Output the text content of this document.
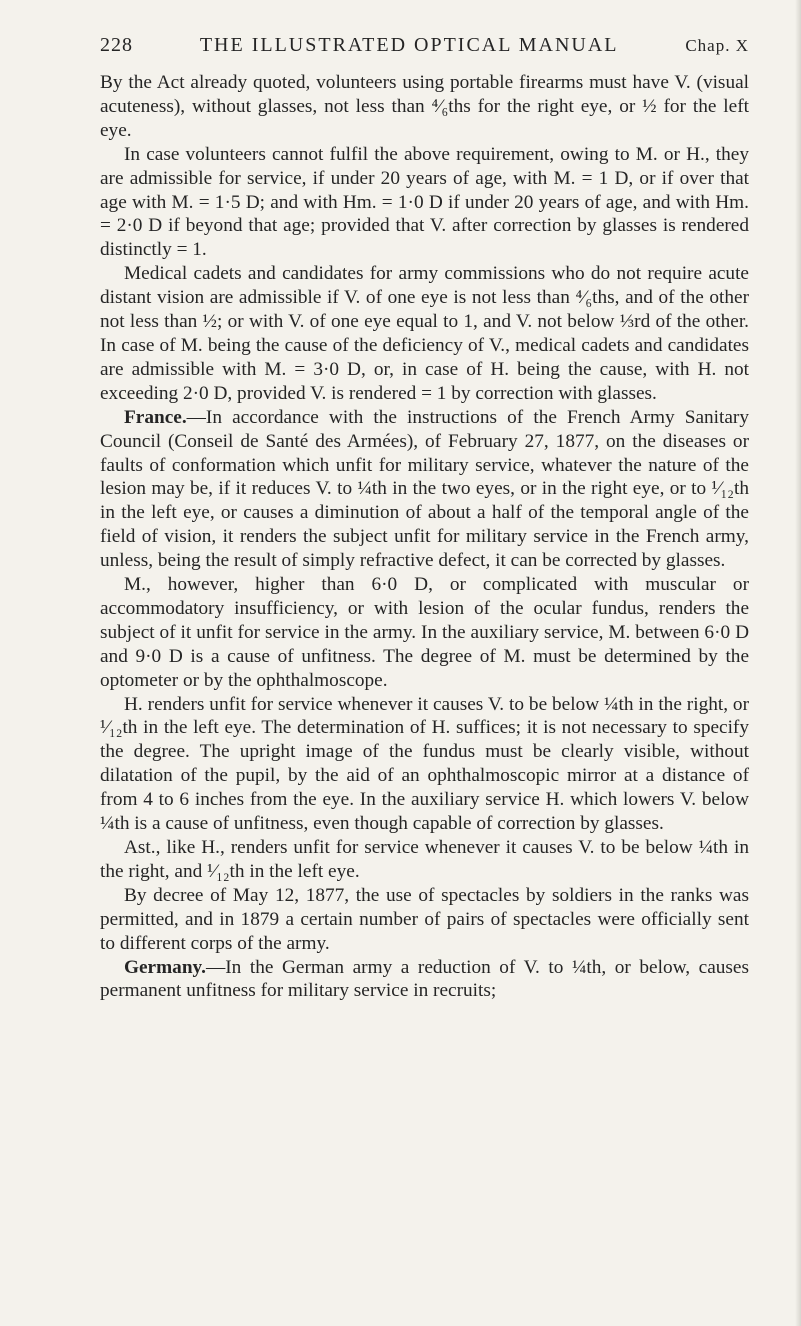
228	THE ILLUSTRATED OPTICAL MANUAL	Chap. X

By the Act already quoted, volunteers using portable firearms must have V. (visual acuteness), without glasses, not less than ⁴⁄₆ths for the right eye, or ½ for the left eye.

In case volunteers cannot fulfil the above requirement, owing to M. or H., they are admissible for service, if under 20 years of age, with M. = 1 D, or if over that age with M. = 1·5 D; and with Hm. = 1·0 D if under 20 years of age, and with Hm. = 2·0 D if beyond that age; provided that V. after correction by glasses is rendered distinctly = 1.

Medical cadets and candidates for army commissions who do not require acute distant vision are admissible if V. of one eye is not less than ⁴⁄₆ths, and of the other not less than ½; or with V. of one eye equal to 1, and V. not below ⅓rd of the other. In case of M. being the cause of the deficiency of V., medical cadets and candidates are admissible with M. = 3·0 D, or, in case of H. being the cause, with H. not exceeding 2·0 D, provided V. is rendered = 1 by correction with glasses.

France.—In accordance with the instructions of the French Army Sanitary Council (Conseil de Santé des Armées), of February 27, 1877, on the diseases or faults of conformation which unfit for military service, whatever the nature of the lesion may be, if it reduces V. to ¼th in the two eyes, or in the right eye, or to ¹⁄₁₂th in the left eye, or causes a diminution of about a half of the temporal angle of the field of vision, it renders the subject unfit for military service in the French army, unless, being the result of simply refractive defect, it can be corrected by glasses.

M., however, higher than 6·0 D, or complicated with muscular or accommodatory insufficiency, or with lesion of the ocular fundus, renders the subject of it unfit for service in the army. In the auxiliary service, M. between 6·0 D and 9·0 D is a cause of unfitness. The degree of M. must be determined by the optometer or by the ophthalmoscope.

H. renders unfit for service whenever it causes V. to be below ¼th in the right, or ¹⁄₁₂th in the left eye. The determination of H. suffices; it is not necessary to specify the degree. The upright image of the fundus must be clearly visible, without dilatation of the pupil, by the aid of an ophthalmoscopic mirror at a distance of from 4 to 6 inches from the eye. In the auxiliary service H. which lowers V. below ¼th is a cause of unfitness, even though capable of correction by glasses.

Ast., like H., renders unfit for service whenever it causes V. to be below ¼th in the right, and ¹⁄₁₂th in the left eye.

By decree of May 12, 1877, the use of spectacles by soldiers in the ranks was permitted, and in 1879 a certain number of pairs of spectacles were officially sent to different corps of the army.

Germany.—In the German army a reduction of V. to ¼th, or below, causes permanent unfitness for military service in recruits;
